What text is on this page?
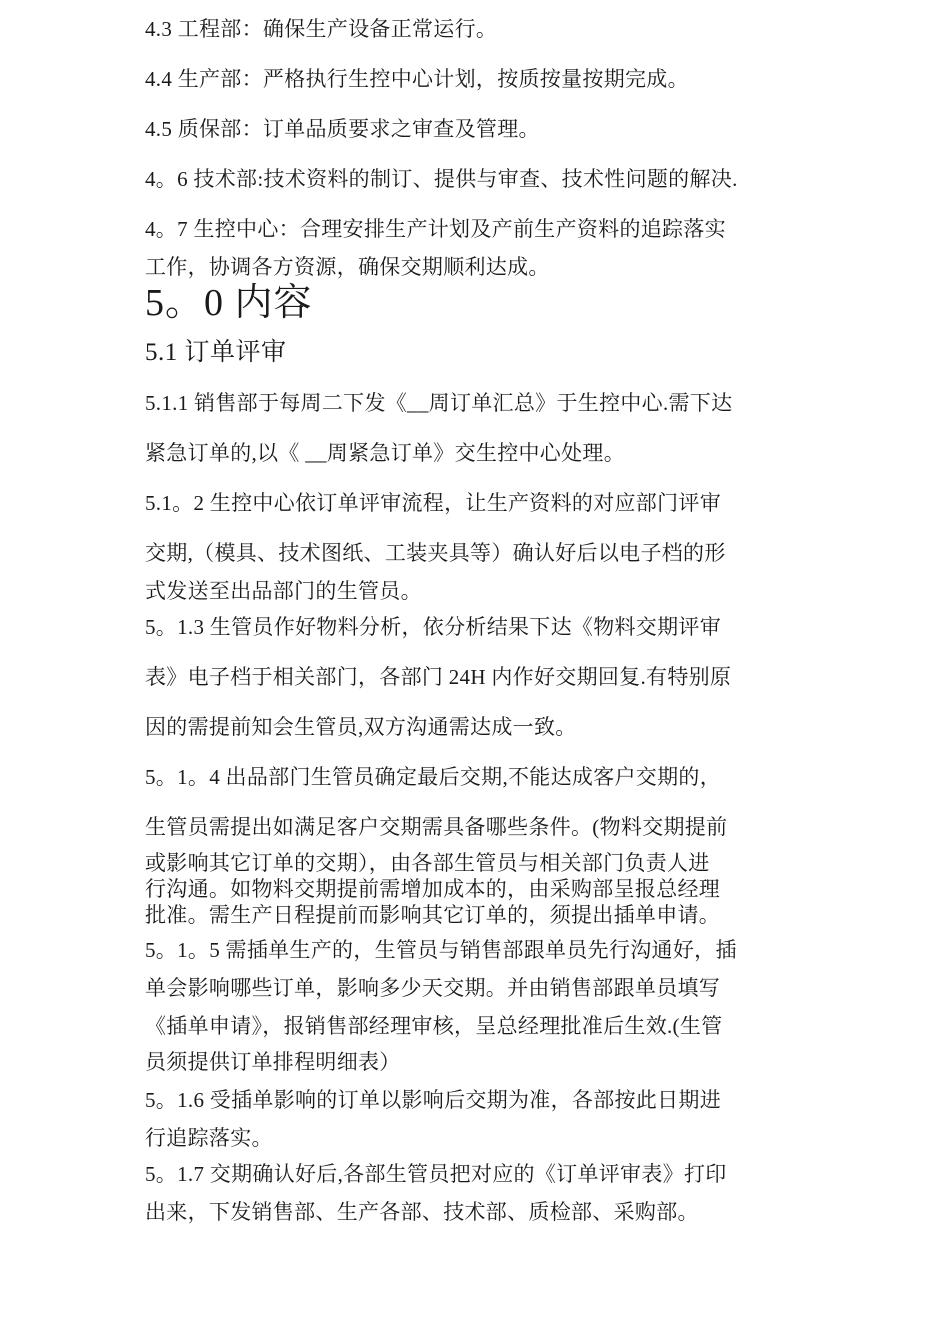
4.3 工程部：确保生产设备正常运行。
4.4 生产部：严格执行生控中心计划，按质按量按期完成。
4.5 质保部：订单品质要求之审查及管理。
4。6 技术部:技术资料的制订、提供与审查、技术性问题的解决.
4。7 生控中心：合理安排生产计划及产前生产资料的追踪落实
工作，协调各方资源，确保交期顺利达成。
5。0 内容
5.1 订单评审
5.1.1 销售部于每周二下发《__周订单汇总》于生控中心.需下达
紧急订单的,以《 __周紧急订单》交生控中心处理。
5.1。2 生控中心依订单评审流程，让生产资料的对应部门评审
交期,（模具、技术图纸、工装夹具等）确认好后以电子档的形
式发送至出品部门的生管员。
5。1.3 生管员作好物料分析，依分析结果下达《物料交期评审
表》电子档于相关部门，各部门 24H 内作好交期回复.有特别原
因的需提前知会生管员,双方沟通需达成一致。
5。1。4 出品部门生管员确定最后交期,不能达成客户交期的，
生管员需提出如满足客户交期需具备哪些条件。(物料交期提前
或影响其它订单的交期），由各部生管员与相关部门负责人进
行沟通。如物料交期提前需增加成本的，由采购部呈报总经理
批准。需生产日程提前而影响其它订单的，须提出插单申请。
5。1。5 需插单生产的，生管员与销售部跟单员先行沟通好，插
单会影响哪些订单，影响多少天交期。并由销售部跟单员填写
《插单申请》，报销售部经理审核，呈总经理批准后生效.(生管
员须提供订单排程明细表）
5。1.6 受插单影响的订单以影响后交期为准，各部按此日期进
行追踪落实。
5。1.7 交期确认好后,各部生管员把对应的《订单评审表》打印
出来，下发销售部、生产各部、技术部、质检部、采购部。
